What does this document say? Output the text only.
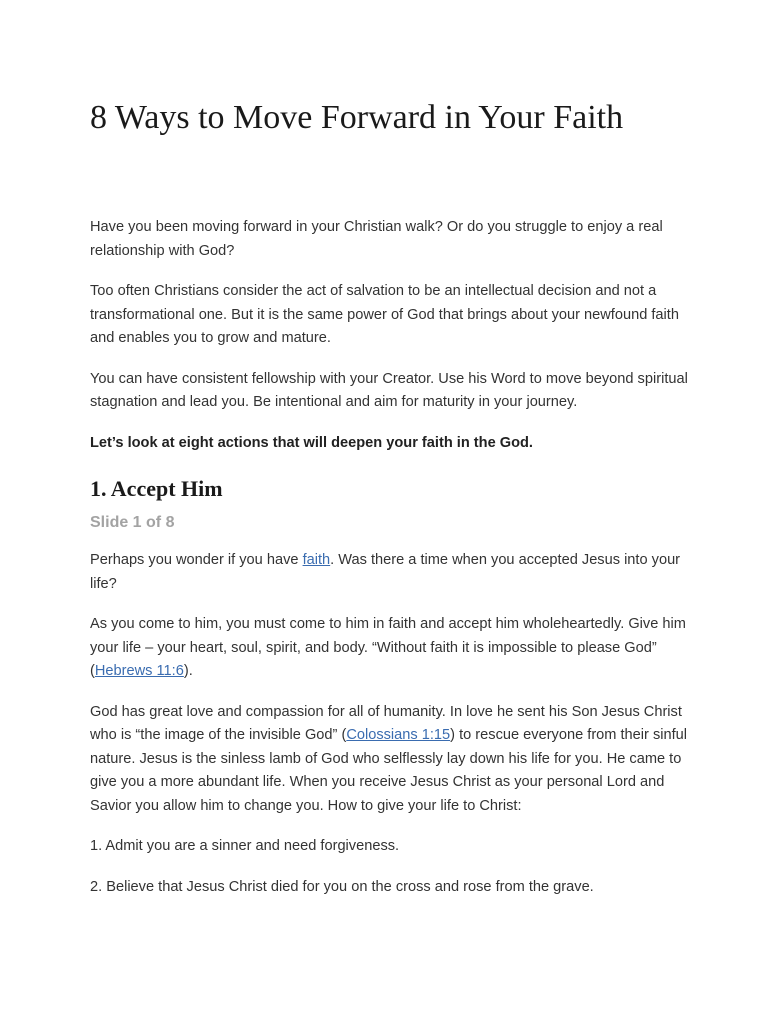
8 Ways to Move Forward in Your Faith

Have you been moving forward in your Christian walk? Or do you struggle to enjoy a real relationship with God?

Too often Christians consider the act of salvation to be an intellectual decision and not a transformational one. But it is the same power of God that brings about your newfound faith and enables you to grow and mature.

You can have consistent fellowship with your Creator. Use his Word to move beyond spiritual stagnation and lead you. Be intentional and aim for maturity in your journey.

Let’s look at eight actions that will deepen your faith in the God.

1. Accept Him
Slide 1 of 8

Perhaps you wonder if you have faith. Was there a time when you accepted Jesus into your life?

As you come to him, you must come to him in faith and accept him wholeheartedly. Give him your life – your heart, soul, spirit, and body. “Without faith it is impossible to please God” (Hebrews 11:6).

God has great love and compassion for all of humanity. In love he sent his Son Jesus Christ who is “the image of the invisible God” (Colossians 1:15) to rescue everyone from their sinful nature. Jesus is the sinless lamb of God who selflessly lay down his life for you. He came to give you a more abundant life. When you receive Jesus Christ as your personal Lord and Savior you allow him to change you. How to give your life to Christ:

1. Admit you are a sinner and need forgiveness.

2. Believe that Jesus Christ died for you on the cross and rose from the grave.
